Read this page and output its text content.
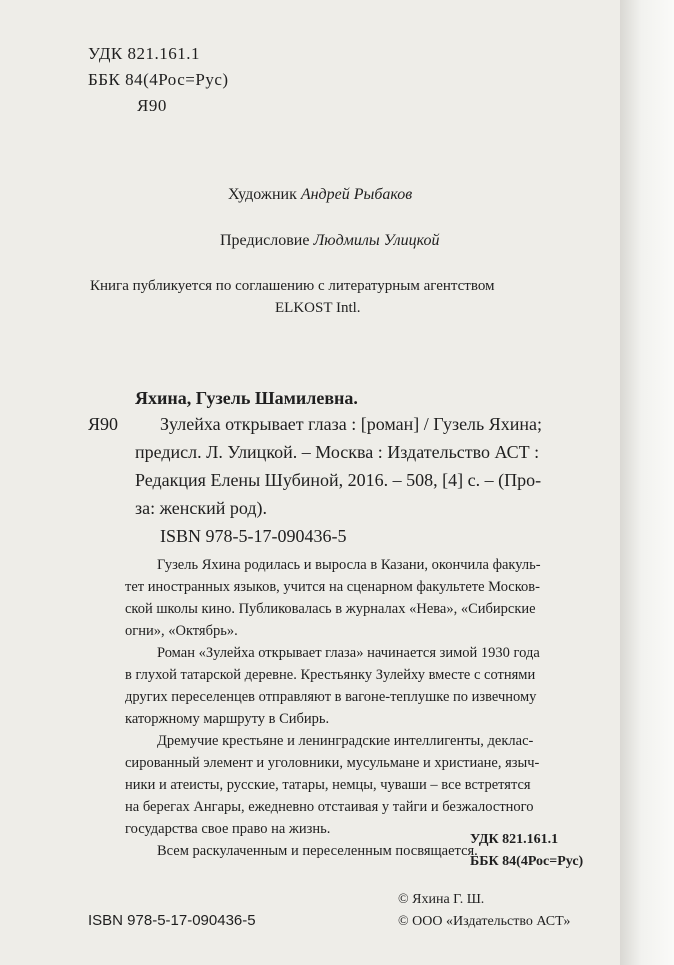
УДК 821.161.1
ББК 84(4Рос=Рус)
Я90
Художник Андрей Рыбаков
Предисловие Людмилы Улицкой
Книга публикуется по соглашению с литературным агентством
ELKOST Intl.
Яхина, Гузель Шамилевна.
Я90 Зулейха открывает глаза : [роман] / Гузель Яхина;
предисл. Л. Улицкой. – Москва : Издательство АСТ :
Редакция Елены Шубиной, 2016. – 508, [4] с. – (Про-
за: женский род).
ISBN 978-5-17-090436-5

Гузель Яхина родилась и выросла в Казани, окончила факуль-
тет иностранных языков, учится на сценарном факультете Москов-
ской школы кино. Публиковалась в журналах «Нева», «Сибирские
огни», «Октябрь».

Роман «Зулейха открывает глаза» начинается зимой 1930 года
в глухой татарской деревне. Крестьянку Зулейху вместе с сотнями
других переселенцев отправляют в вагоне-теплушке по извечному
каторжному маршруту в Сибирь.

Дремучие крестьяне и ленинградские интеллигенты, деклас-
сированный элемент и уголовники, мусульмане и христиане, языч-
ники и атеисты, русские, татары, немцы, чуваши – все встретятся
на берегах Ангары, ежедневно отстаивая у тайги и безжалостного
государства свое право на жизнь.

Всем раскулаченным и переселенным посвящается.

УДК 821.161.1
ББК 84(4Рос=Рус)
© Яхина Г. Ш.
© ООО «Издательство АСТ»
ISBN 978-5-17-090436-5
